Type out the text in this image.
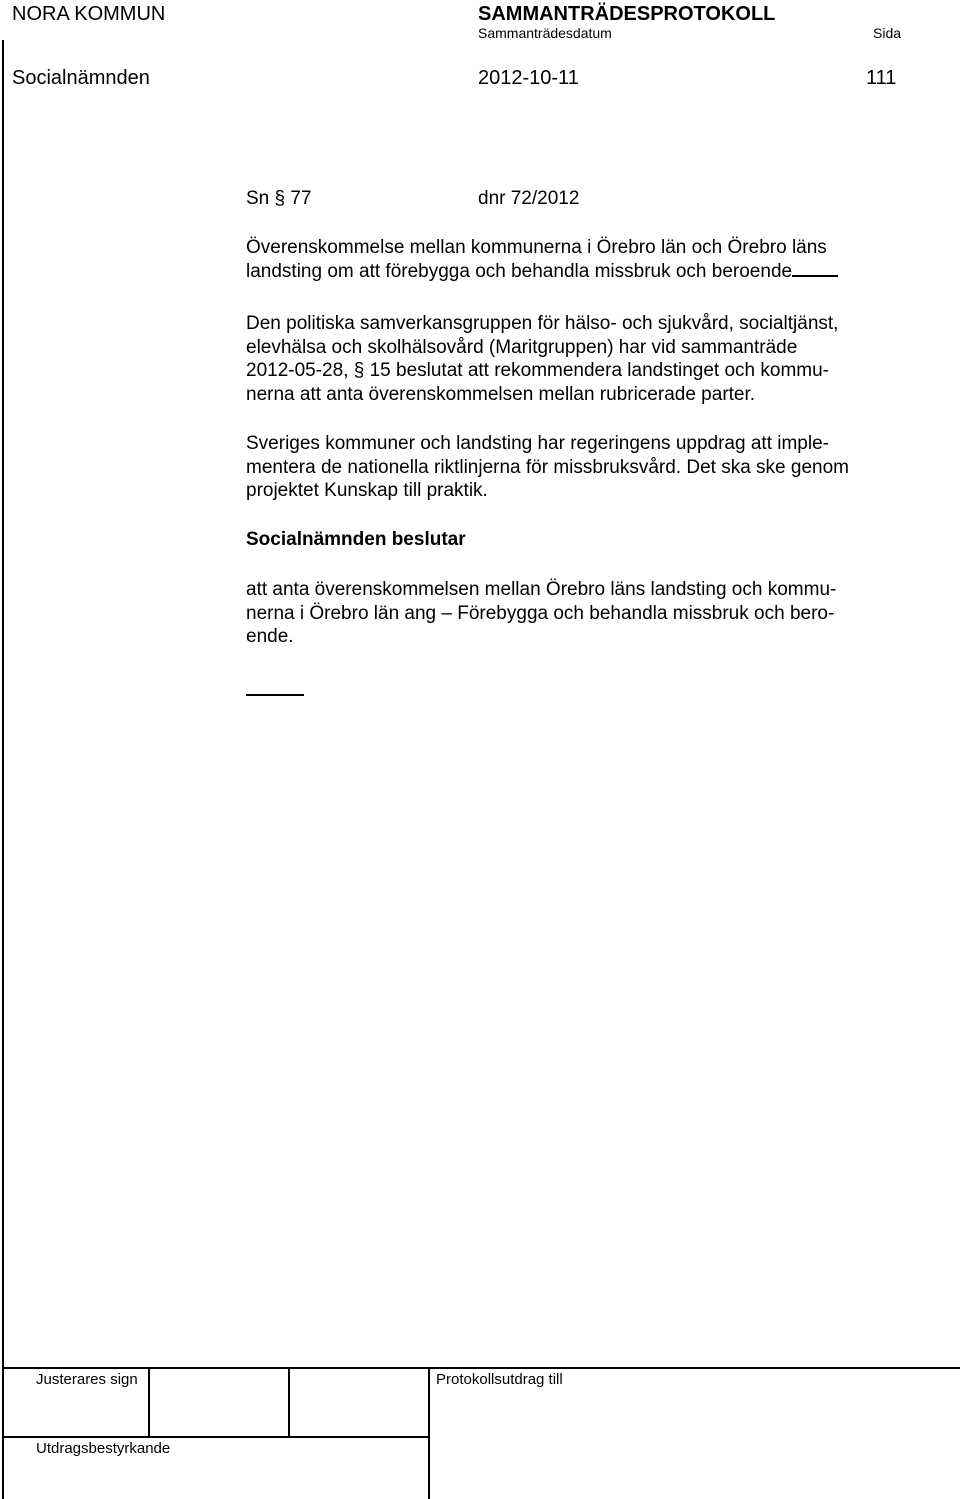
NORA KOMMUN	SAMMANTRÄDESPROTOKOLL
Sammanträdesdatum	Sida
Socialnämnden	2012-10-11	111
Sn § 77	dnr 72/2012
Överenskommelse mellan kommunerna i Örebro län och Örebro läns
landsting om att förebygga och behandla missbruk och beroende
Den politiska samverkansgruppen för hälso- och sjukvård, socialtjänst,
elevhälsa och skolhälsovård (Maritgruppen) har vid sammanträde
2012-05-28, § 15 beslutat att rekommendera landstinget och kommu-
nerna att anta överenskommelsen mellan rubricerade parter.
Sveriges kommuner och landsting har regeringens uppdrag att imple-
mentera de nationella riktlinjerna för missbruksvård. Det ska ske genom
projektet Kunskap till praktik.
Socialnämnden beslutar
att anta överenskommelsen mellan Örebro läns landsting och kommu-
nerna i Örebro län ang – Förebygga och behandla missbruk och bero-
ende.
Justerares sign	Protokollsutdrag till
Utdragsbestyrkande
